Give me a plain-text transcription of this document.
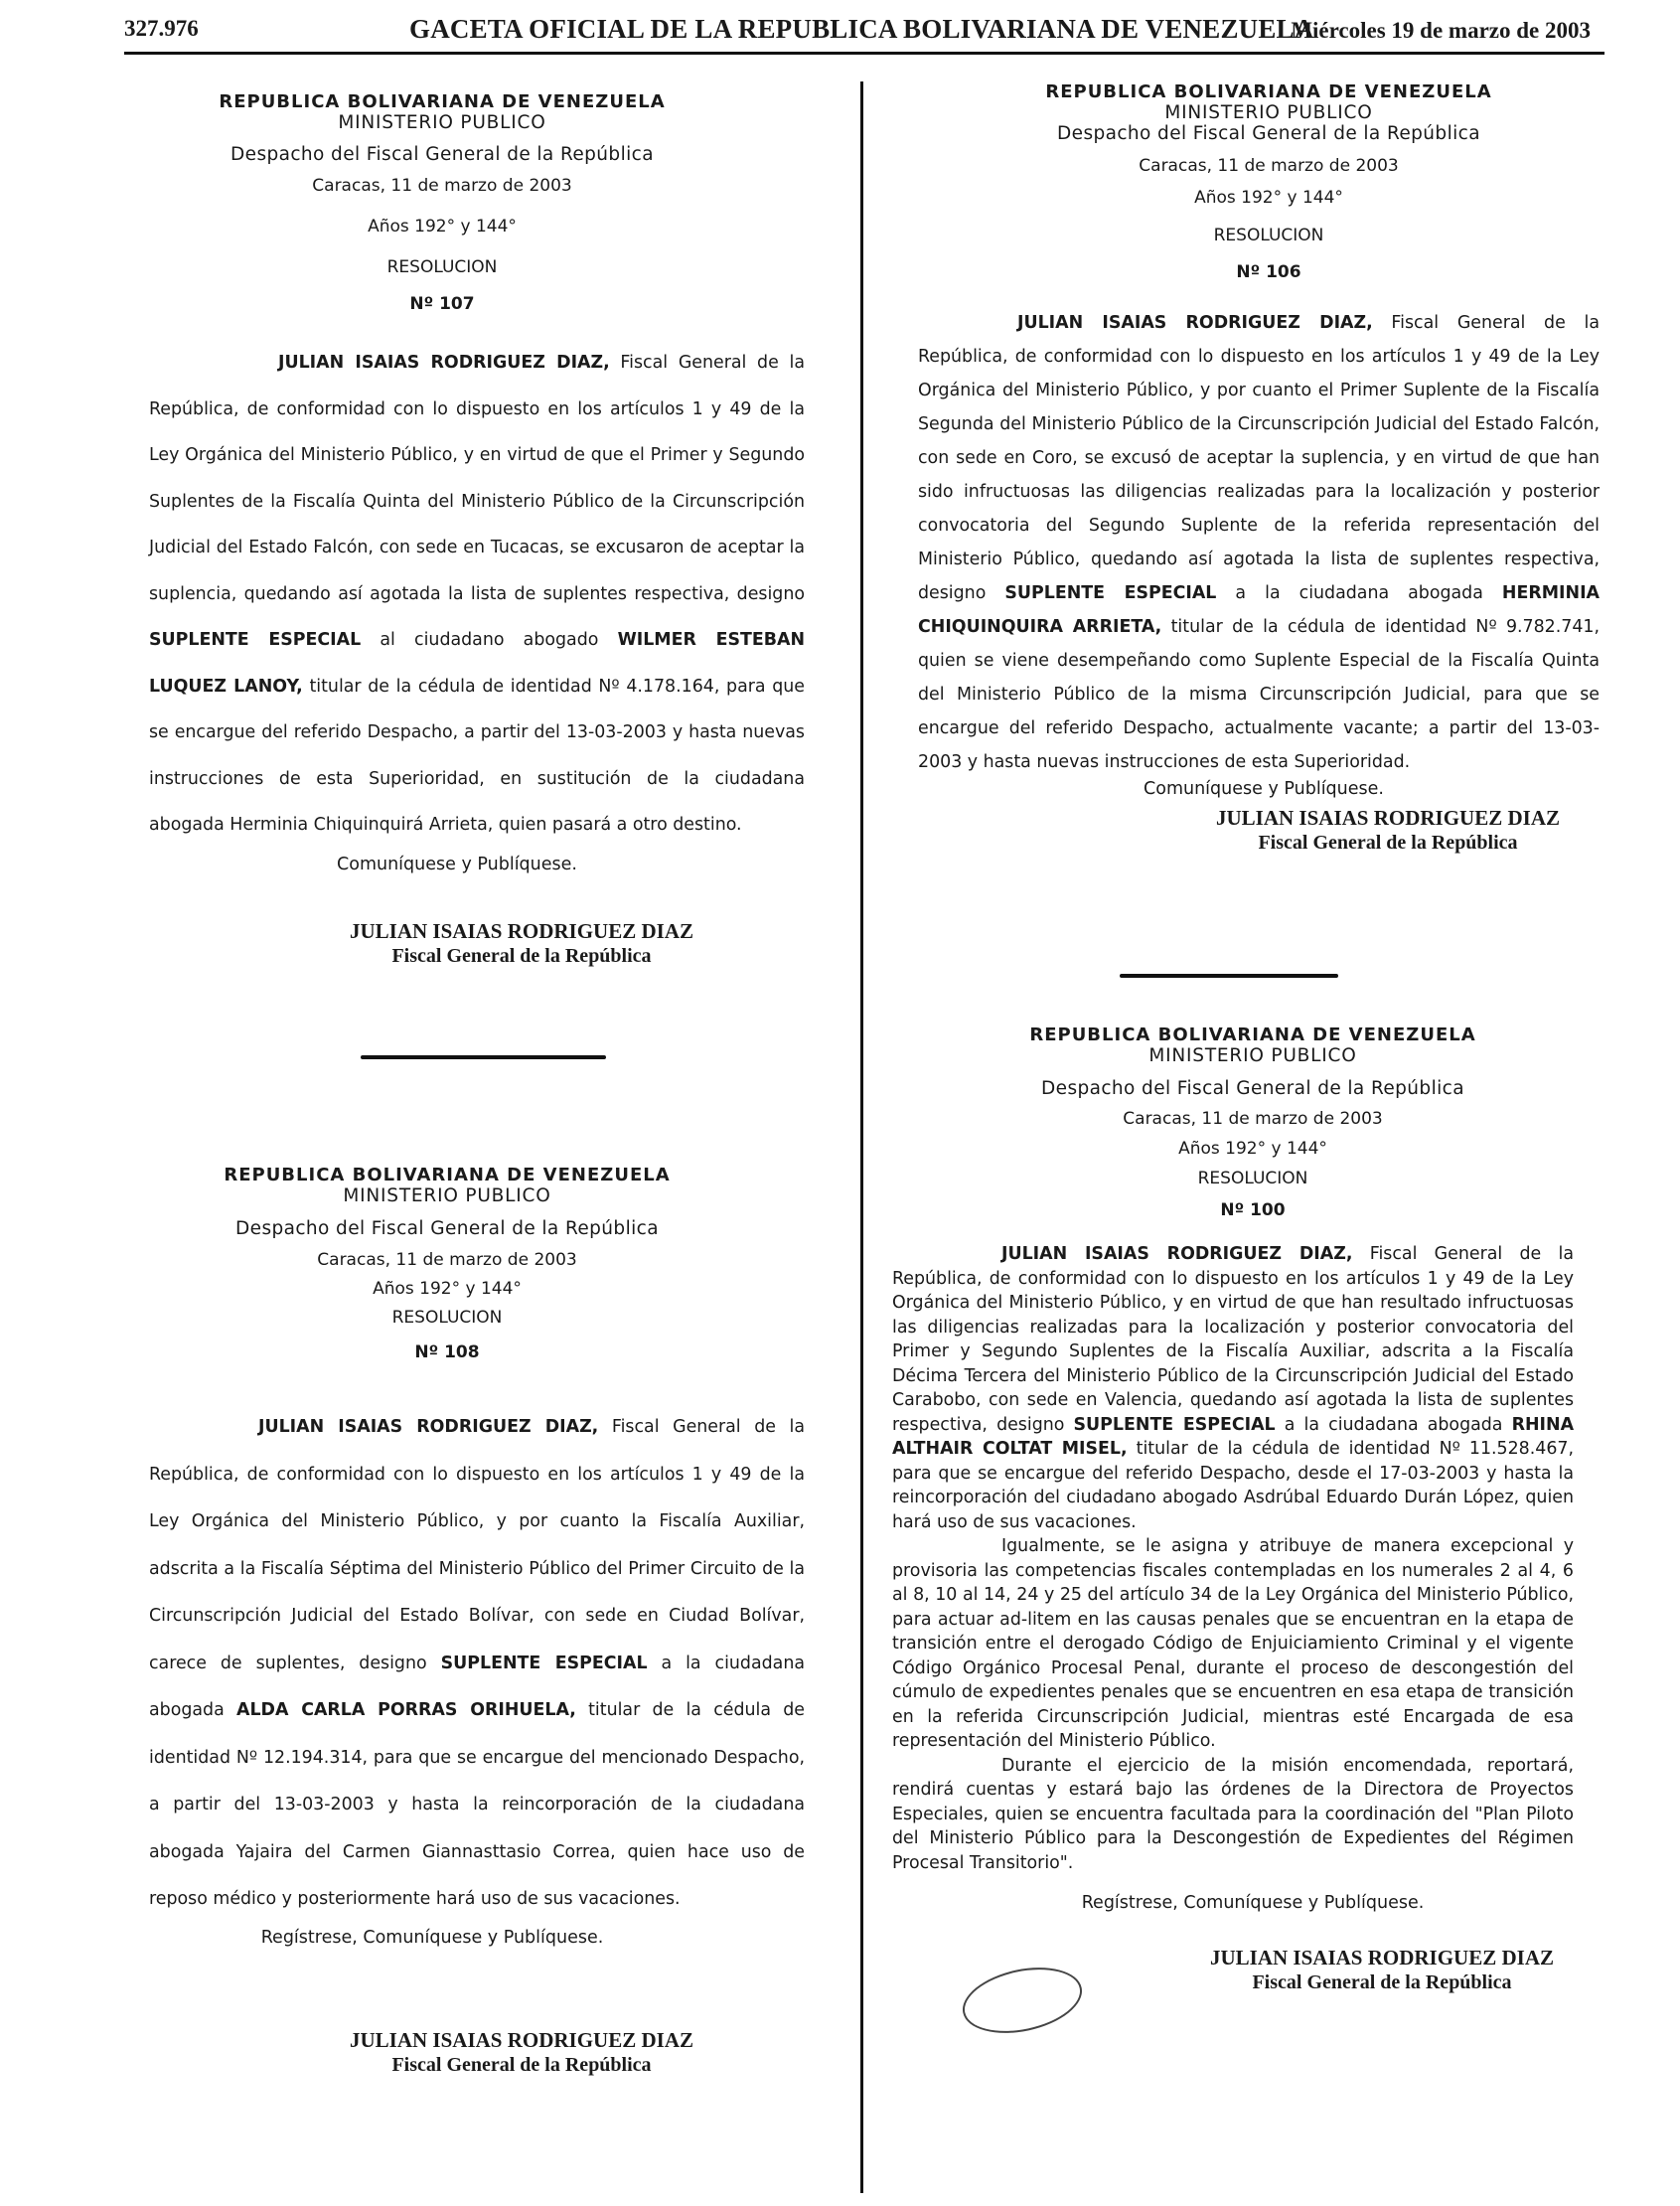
327.976	GACETA OFICIAL DE LA REPUBLICA BOLIVARIANA DE VENEZUELA
Miércoles 19 de marzo de 2003
REPUBLICA BOLIVARIANA DE VENEZUELA
MINISTERIO PUBLICO
Despacho del Fiscal General de la República
Caracas, 11 de marzo de 2003
Años 192° y 144°
RESOLUCION
Nº 107

JULIAN ISAIAS RODRIGUEZ DIAZ, Fiscal General de la República, de conformidad con lo dispuesto en los artículos 1 y 49 de la Ley Orgánica del Ministerio Público, y en virtud de que el Primer y Segundo Suplentes de la Fiscalía Quinta del Ministerio Público de la Circunscripción Judicial del Estado Falcón, con sede en Tucacas, se excusaron de aceptar la suplencia, quedando así agotada la lista de suplentes respectiva, designo SUPLENTE ESPECIAL al ciudadano abogado WILMER ESTEBAN LUQUEZ LANOY, titular de la cédula de identidad Nº 4.178.164, para que se encargue del referido Despacho, a partir del 13-03-2003 y hasta nuevas instrucciones de esta Superioridad, en sustitución de la ciudadana abogada Herminia Chiquinquirá Arrieta, quien pasará a otro destino.

Comuníquese y Publíquese.
JULIAN ISAIAS RODRIGUEZ DIAZ
Fiscal General de la República
REPUBLICA BOLIVARIANA DE VENEZUELA
MINISTERIO PUBLICO
Despacho del Fiscal General de la República
Caracas, 11 de marzo de 2003
Años 192° y 144°
RESOLUCION
Nº 108

JULIAN ISAIAS RODRIGUEZ DIAZ, Fiscal General de la República, de conformidad con lo dispuesto en los artículos 1 y 49 de la Ley Orgánica del Ministerio Público, y por cuanto la Fiscalía Auxiliar, adscrita a la Fiscalía Séptima del Ministerio Público del Primer Circuito de la Circunscripción Judicial del Estado Bolívar, con sede en Ciudad Bolívar, carece de suplentes, designo SUPLENTE ESPECIAL a la ciudadana abogada ALDA CARLA PORRAS ORIHUELA, titular de la cédula de identidad Nº 12.194.314, para que se encargue del mencionado Despacho, a partir del 13-03-2003 y hasta la reincorporación de la ciudadana abogada Yajaira del Carmen Giannasttasio Correa, quien hace uso de reposo médico y posteriormente hará uso de sus vacaciones.

Regístrese, Comuníquese y Publíquese.
JULIAN ISAIAS RODRIGUEZ DIAZ
Fiscal General de la República
REPUBLICA BOLIVARIANA DE VENEZUELA
MINISTERIO PUBLICO
Despacho del Fiscal General de la República
Caracas, 11 de marzo de 2003
Años 192° y 144°
RESOLUCION
Nº 106

JULIAN ISAIAS RODRIGUEZ DIAZ, Fiscal General de la República, de conformidad con lo dispuesto en los artículos 1 y 49 de la Ley Orgánica del Ministerio Público, y por cuanto el Primer Suplente de la Fiscalía Segunda del Ministerio Público de la Circunscripción Judicial del Estado Falcón, con sede en Coro, se excusó de aceptar la suplencia, y en virtud de que han sido infructuosas las diligencias realizadas para la localización y posterior convocatoria del Segundo Suplente de la referida representación del Ministerio Público, quedando así agotada la lista de suplentes respectiva, designo SUPLENTE ESPECIAL a la ciudadana abogada HERMINIA CHIQUINQUIRA ARRIETA, titular de la cédula de identidad Nº 9.782.741, quien se viene desempeñando como Suplente Especial de la Fiscalía Quinta del Ministerio Público de la misma Circunscripción Judicial, para que se encargue del referido Despacho, actualmente vacante; a partir del 13-03-2003 y hasta nuevas instrucciones de esta Superioridad.

Comuníquese y Publíquese.
JULIAN ISAIAS RODRIGUEZ DIAZ
Fiscal General de la República
REPUBLICA BOLIVARIANA DE VENEZUELA
MINISTERIO PUBLICO
Despacho del Fiscal General de la República
Caracas, 11 de marzo de 2003
Años 192° y 144°
RESOLUCION
Nº 100

JULIAN ISAIAS RODRIGUEZ DIAZ, Fiscal General de la República, de conformidad con lo dispuesto en los artículos 1 y 49 de la Ley Orgánica del Ministerio Público, y en virtud de que han resultado infructuosas las diligencias realizadas para la localización y posterior convocatoria del Primer y Segundo Suplentes de la Fiscalía Auxiliar, adscrita a la Fiscalía Décima Tercera del Ministerio Público de la Circunscripción Judicial del Estado Carabobo, con sede en Valencia, quedando así agotada la lista de suplentes respectiva, designo SUPLENTE ESPECIAL a la ciudadana abogada RHINA ALTHAIR COLTAT MISEL, titular de la cédula de identidad Nº 11.528.467, para que se encargue del referido Despacho, desde el 17-03-2003 y hasta la reincorporación del ciudadano abogado Asdrúbal Eduardo Durán López, quien hará uso de sus vacaciones.

Igualmente, se le asigna y atribuye de manera excepcional y provisoria las competencias fiscales contempladas en los numerales 2 al 4, 6 al 8, 10 al 14, 24 y 25 del artículo 34 de la Ley Orgánica del Ministerio Público, para actuar ad-litem en las causas penales que se encuentran en la etapa de transición entre el derogado Código de Enjuiciamiento Criminal y el vigente Código Orgánico Procesal Penal, durante el proceso de descongestión del cúmulo de expedientes penales que se encuentren en esa etapa de transición en la referida Circunscripción Judicial, mientras esté Encargada de esa representación del Ministerio Público.

Durante el ejercicio de la misión encomendada, reportará, rendirá cuentas y estará bajo las órdenes de la Directora de Proyectos Especiales, quien se encuentra facultada para la coordinación del "Plan Piloto del Ministerio Público para la Descongestión de Expedientes del Régimen Procesal Transitorio".

Regístrese, Comuníquese y Publíquese.
JULIAN ISAIAS RODRIGUEZ DIAZ
Fiscal General de la República
